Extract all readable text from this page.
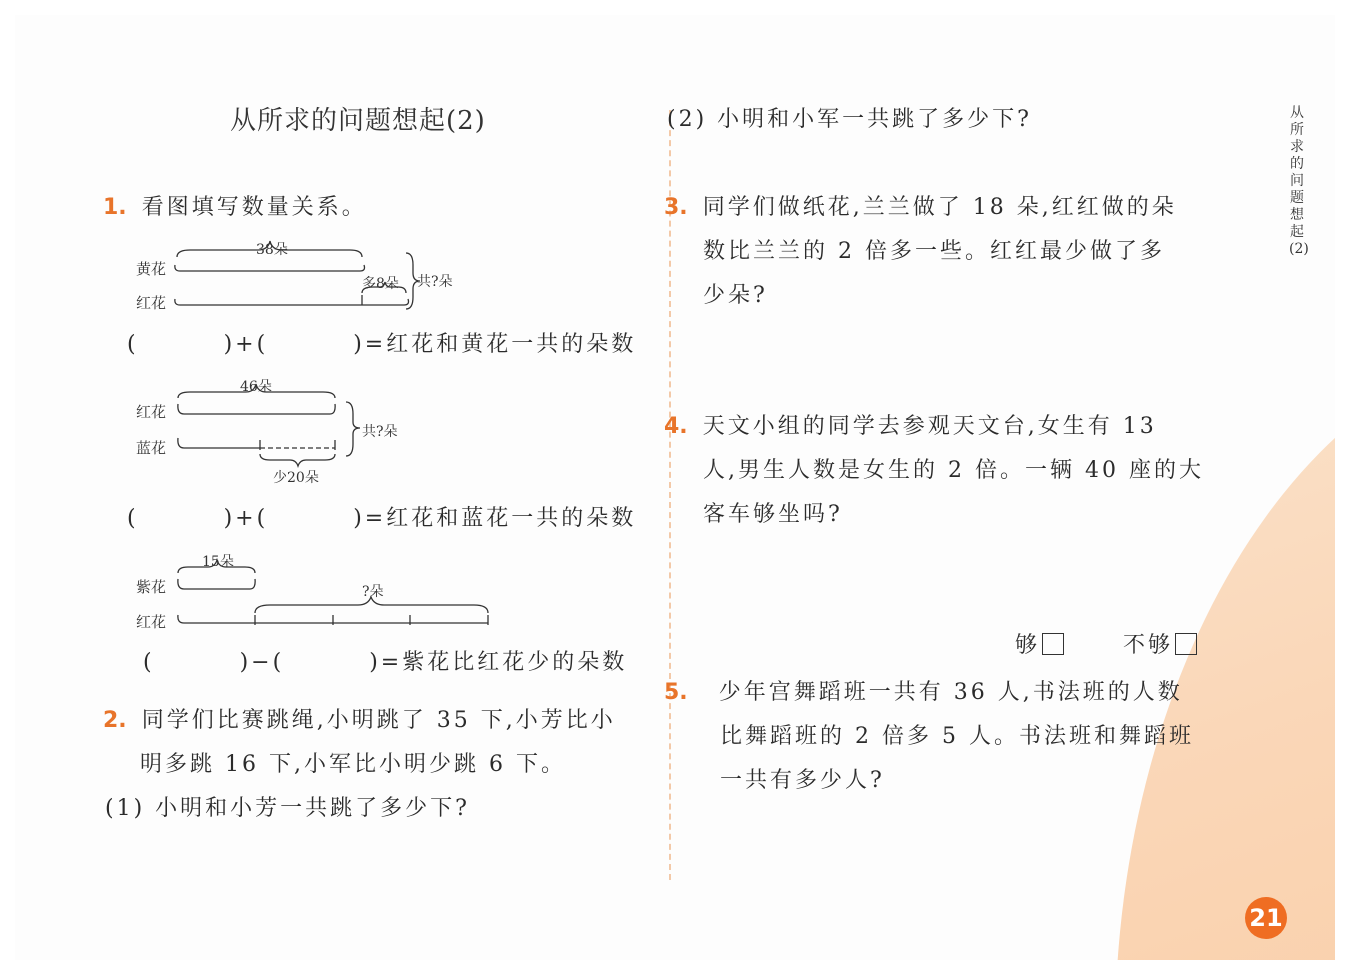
从所求的问题想起(2)	从所求的问题想起(2)
1. 看图填写数量关系。
黄花
红花
38朵
多8朵 共?朵
(	)+(	)=红花和黄花一共的朵数
红花
蓝花
46朵
少20朵
共?朵
(	)+(	)=红花和蓝花一共的朵数
紫花
红花
15朵
?朵
(	)−(	)=紫花比红花少的朵数
2. 同学们比赛跳绳,小明跳了 35 下,小芳比小
明多跳 16 下,小军比小明少跳 6 下。
(1) 小明和小芳一共跳了多少下?
(2) 小明和小军一共跳了多少下?
3. 同学们做纸花,兰兰做了 18 朵,红红做的朵
数比兰兰的 2 倍多一些。红红最少做了多
少朵?
4. 天文小组的同学去参观天文台,女生有 13
人,男生人数是女生的 2 倍。一辆 40 座的大
客车够坐吗?
够	不够
5. 少年宫舞蹈班一共有 36 人,书法班的人数
比舞蹈班的 2 倍多 5 人。书法班和舞蹈班
一共有多少人?
21
